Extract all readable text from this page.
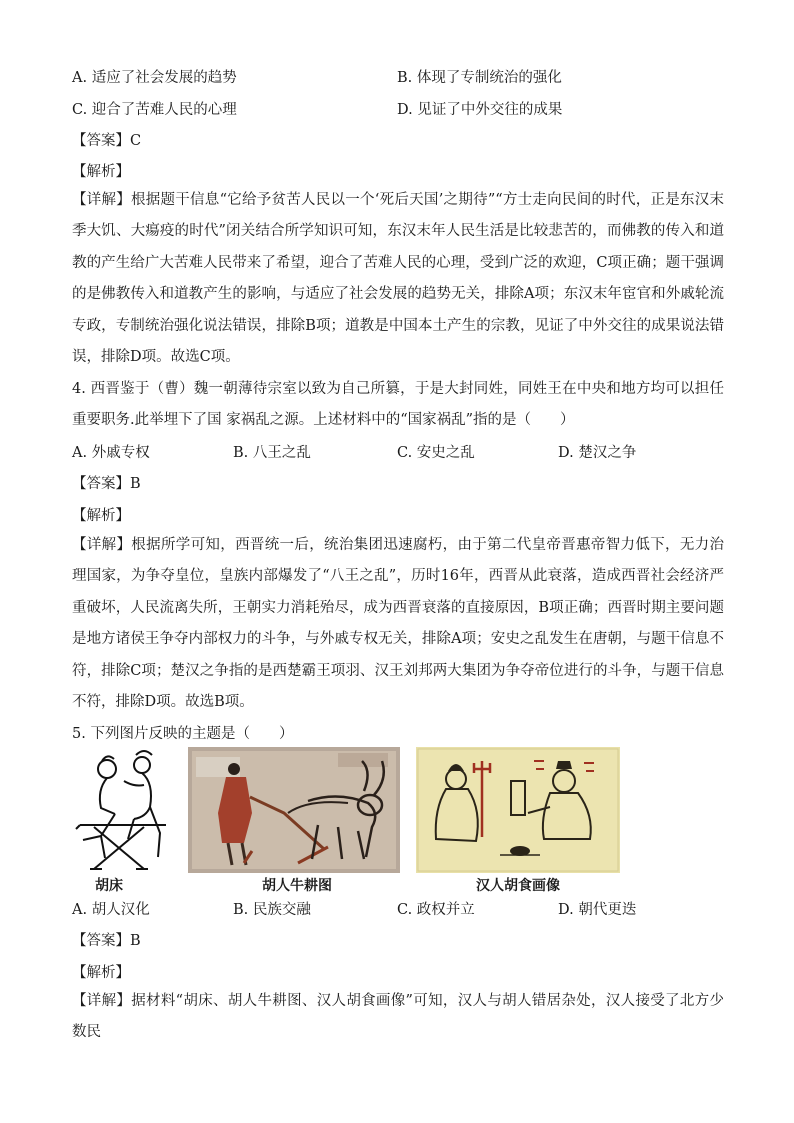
A. 适应了社会发展的趋势	B. 体现了专制统治的强化
C. 迎合了苦难人民的心理	D. 见证了中外交往的成果
【答案】C
【解析】
【详解】根据题干信息“它给予贫苦人民以一个‘死后天国’之期待”“方士走向民间的时代，正是东汉末季大饥、大瘍疫的时代”闭关结合所学知识可知，东汉末年人民生活是比较悲苦的，而佛教的传入和道教的产生给广大苦难人民带来了希望，迎合了苦难人民的心理，受到广泛的欢迎，C项正确；题干强调的是佛教传入和道教产生的影响，与适应了社会发展的趋势无关，排除A项；东汉末年宦官和外戚轮流专政，专制统治强化说法错误，排除B项；道教是中国本土产生的宗教，见证了中外交往的成果说法错误，排除D项。故选C项。
4. 西晋鉴于（曹）魏一朝薄待宗室以致为自己所篡，于是大封同姓，同姓王在中央和地方均可以担任重要职务.此举埋下了国 家祸乱之源。上述材料中的“国家祸乱”指的是（　　）
A. 外戚专权	B. 八王之乱	C. 安史之乱	D. 楚汉之争
【答案】B
【解析】
【详解】根据所学可知，西晋统一后，统治集团迅速腐朽，由于第二代皇帝晋惠帝智力低下，无力治理国家，为争夺皇位，皇族内部爆发了“八王之乱”，历时16年，西晋从此衰落，造成西晋社会经济严重破坏，人民流离失所，王朝实力消耗殆尽，成为西晋衰落的直接原因，B项正确；西晋时期主要问题是地方诸侯王争夺内部权力的斗争，与外戚专权无关，排除A项；安史之乱发生在唐朝，与题干信息不符，排除C项；楚汉之争指的是西楚霸王项羽、汉王刘邦两大集团为争夺帝位进行的斗争，与题干信息不符，排除D项。故选B项。
5. 下列图片反映的主题是（　　）
胡床	胡人牛耕图	汉人胡食画像
A. 胡人汉化	B. 民族交融	C. 政权并立	D. 朝代更迭
【答案】B
【解析】
【详解】据材料“胡床、胡人牛耕图、汉人胡食画像”可知，汉人与胡人错居杂处，汉人接受了北方少数民
